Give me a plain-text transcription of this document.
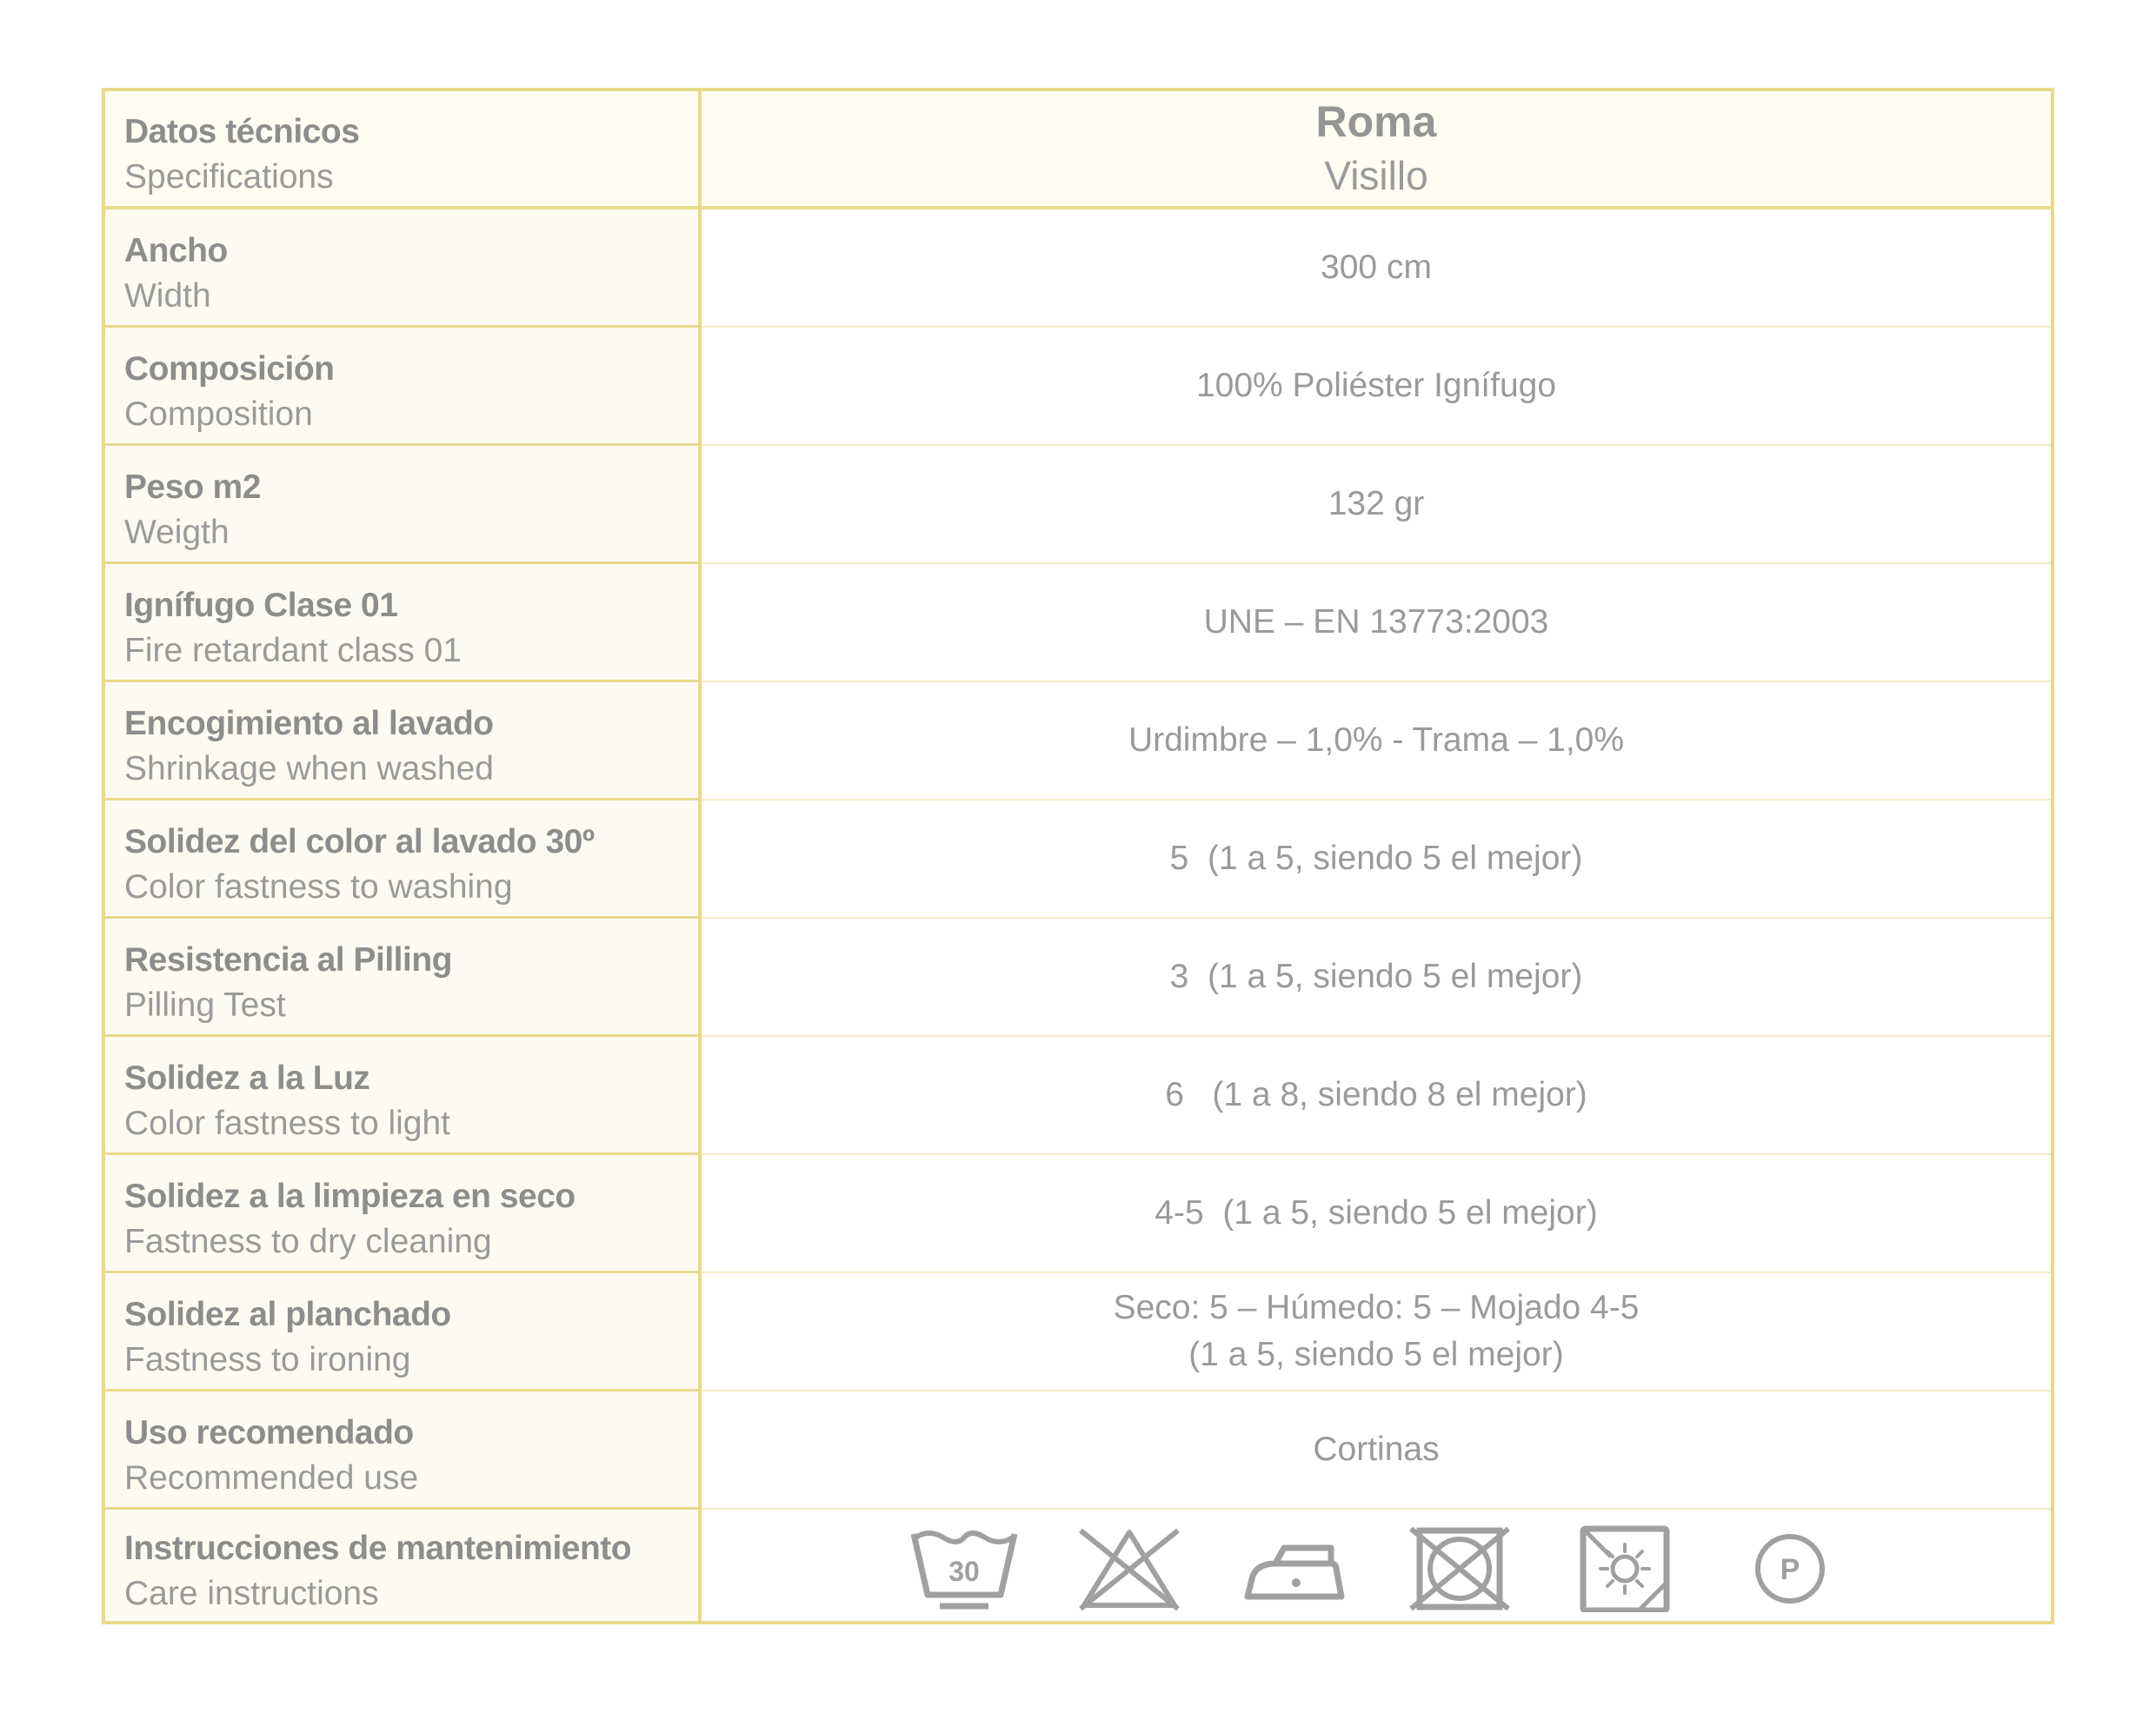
Datos técnicos
Specifications
Roma
Visillo
Ancho
Width
300 cm
Composición
Composition
100% Poliéster Ignífugo
Peso m2
Weigth
132 gr
Ignífugo Clase 01
Fire retardant class 01
UNE – EN 13773:2003
Encogimiento al lavado
Shrinkage when washed
Urdimbre – 1,0% - Trama – 1,0%
Solidez del color al lavado 30º
Color fastness to washing
5  (1 a 5, siendo 5 el mejor)
Resistencia al Pilling
Pilling Test
3  (1 a 5, siendo 5 el mejor)
Solidez a la Luz
Color fastness to light
6   (1 a 8, siendo 8 el mejor)
Solidez a la limpieza en seco
Fastness to dry cleaning
4-5  (1 a 5, siendo 5 el mejor)
Solidez al planchado
Fastness to ironing
Seco: 5 – Húmedo: 5 – Mojado 4-5
(1 a 5, siendo 5 el mejor)
Uso recomendado
Recommended use
Cortinas
Instrucciones de mantenimiento
Care instructions
30	P
